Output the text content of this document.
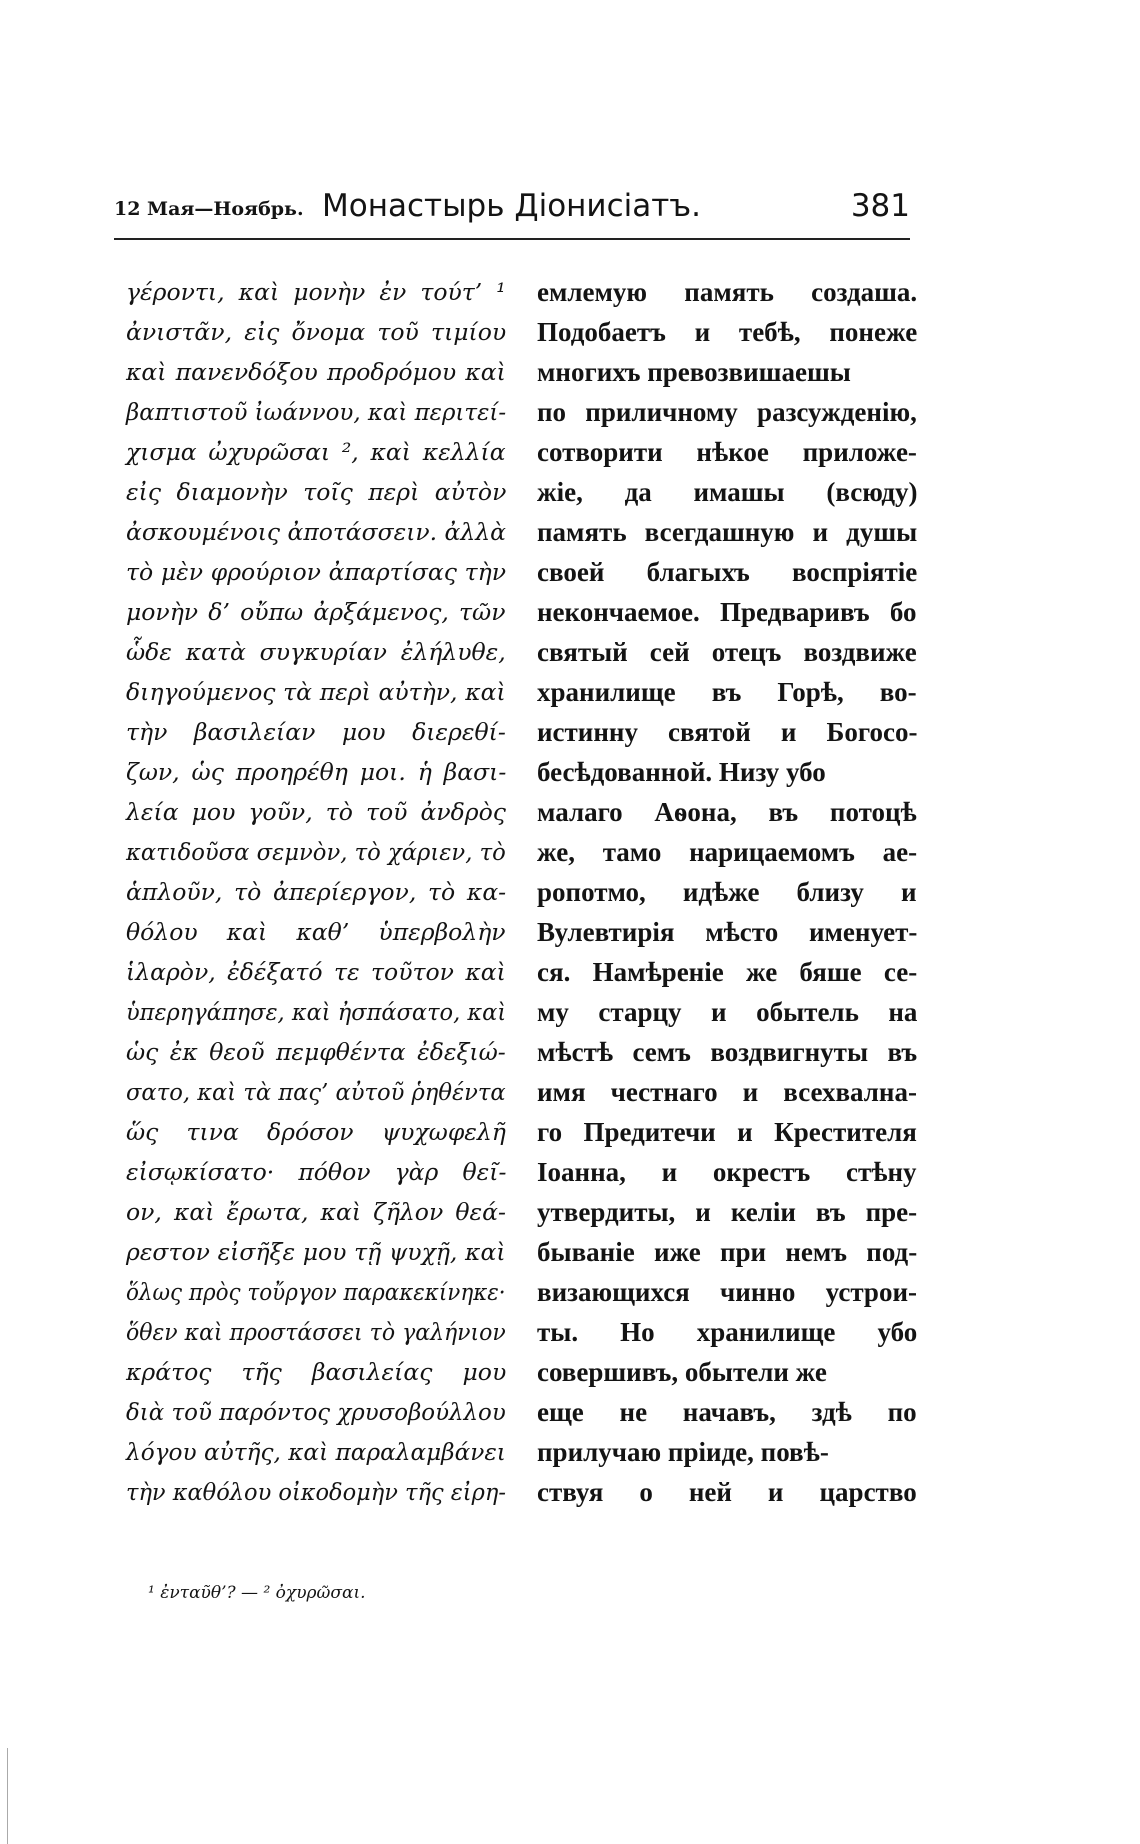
12 Мая—Ноябрь. Монастырь Діонисіатъ.	381
γέροντι, καὶ μονὴν ἐν τούτ’ ¹
ἀνιστᾶν, εἰς ὄνομα τοῦ τιμίου
καὶ πανενδόξου προδρόμου καὶ
βαπτιστοῦ ἰωάννου, καὶ περιτεί-
χισμα ὠχυρῶσαι ², καὶ κελλία
εἰς διαμονὴν τοῖς περὶ αὐτὸν
ἀσκουμένοις ἀποτάσσειν. ἀλλὰ
τὸ μὲν φρούριον ἀπαρτίσας τὴν
μονὴν δ’ οὔπω ἀρξάμενος, τῶν
ὧδε κατὰ συγκυρίαν ἐλήλυθε,
διηγούμενος τὰ περὶ αὐτὴν, καὶ
τὴν βασιλείαν μου διερεθί-
ζων, ὡς προηρέθη μοι. ἡ βασι-
λεία μου γοῦν, τὸ τοῦ ἀνδρὸς
κατιδοῦσα σεμνὸν, τὸ χάριεν, τὸ
ἁπλοῦν, τὸ ἀπερίεργον, τὸ κα-
θόλου καὶ καθ’ ὑπερβολὴν
ἱλαρὸν, ἐδέξατό τε τοῦτον καὶ
ὑπερηγάπησε, καὶ ἠσπάσατο, καὶ
ὡς ἐκ θεοῦ πεμφθέντα ἐδεξιώ-
σατο, καὶ τὰ πας’ αὐτοῦ ῥηθέντα
ὥς τινα δρόσον ψυχωφελῆ
εἰσῳκίσατο· πόθον γὰρ θεῖ-
ον, καὶ ἔρωτα, καὶ ζῆλον θεά-
ρεστον εἰσῆξε μου τῇ ψυχῇ, καὶ
ὅλως πρὸς τοὔργον παρακεκίνηκε·
ὅθεν καὶ προστάσσει τὸ γαλήνιον
κράτος τῆς βασιλείας μου
διὰ τοῦ παρόντος χρυσοβούλλου
λόγου αὐτῆς, καὶ παραλαμβάνει
τὴν καθόλου οἰκοδομὴν τῆς εἰρη-
емлемую память создаша.
Подобаетъ и тебѣ, понеже
многихъ превозвишаешы
по приличному разсужденію,
сотворити нѣкое приложе-
жіе, да имашы (всюду)
память всегдашную и душы
своей благыхъ воспріятіе
некончаемое. Предваривъ бо
святый сей отецъ воздвиже
хранилище въ Горѣ, во-
истинну святой и Богосо-
бесѣдованной. Низу убо
малаго Аѳона, въ потоцѣ
же, тамо нарицаемомъ ae-
ропотмо, идѣже близу и
Вулевтирія мѣсто именует-
ся. Намѣреніе же бяше се-
му старцу и обытель на
мѣстѣ семъ воздвигнуты въ
имя честнаго и всехвална-
го Предитечи и Крестителя
Іоанна, и окрестъ стѣну
утвердиты, и келіи въ пре-
бываніе иже при немъ под-
визающихся чинно устрои-
ты. Но хранилище убо
совершивъ, обытели же
еще не начавъ, здѣ по
прилучаю пріиде, повѣ-
ствуя о ней и царство
¹ ἐνταῦθ’? — ² ὀχυρῶσαι.
